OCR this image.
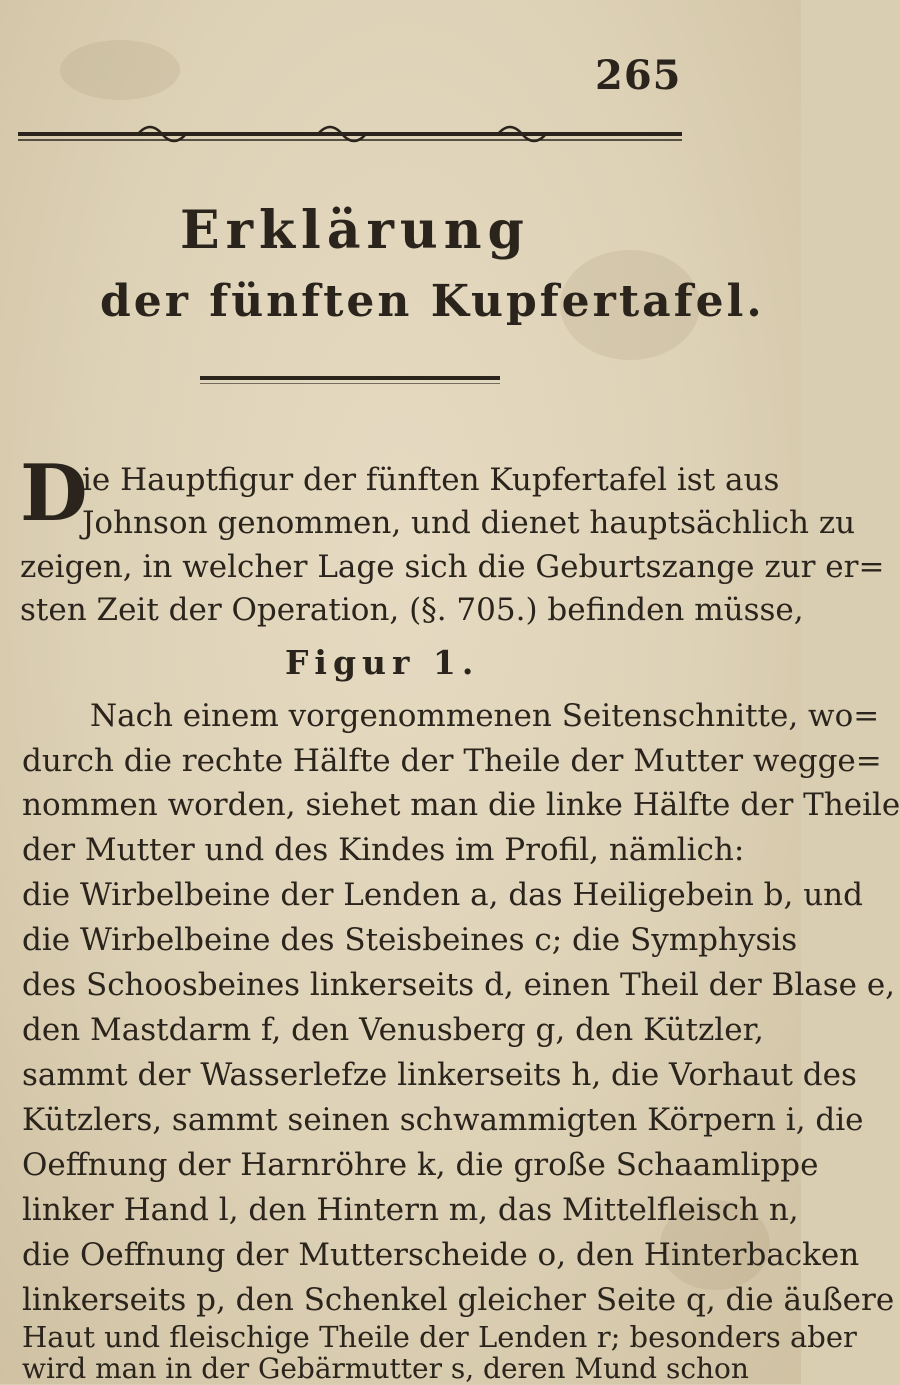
265
Erklärung
der fünften Kupfertafel.
D
ie Hauptfigur der fünften Kupfertafel ist aus
Johnson genommen, und dienet hauptsächlich zu
zeigen, in welcher Lage sich die Geburtszange zur er=
sten Zeit der Operation, (§. 705.) befinden müsse,
Figur 1.
Nach einem vorgenommenen Seitenschnitte, wo=
durch die rechte Hälfte der Theile der Mutter wegge=
nommen worden, siehet man die linke Hälfte der Theile
der Mutter und des Kindes im Profil, nämlich:
die Wirbelbeine der Lenden a, das Heiligebein b, und
die Wirbelbeine des Steisbeines c; die Symphysis
des Schoosbeines linkerseits d, einen Theil der Blase e,
den Mastdarm f, den Venusberg g, den Kützler,
sammt der Wasserlefze linkerseits h, die Vorhaut des
Kützlers, sammt seinen schwammigten Körpern i, die
Oeffnung der Harnröhre k, die große Schaamlippe
linker Hand l, den Hintern m, das Mittelfleisch n,
die Oeffnung der Mutterscheide o, den Hinterbacken
linkerseits p, den Schenkel gleicher Seite q, die äußere
Haut und fleischige Theile der Lenden r; besonders aber
wird man in der Gebärmutter s, deren Mund schon
